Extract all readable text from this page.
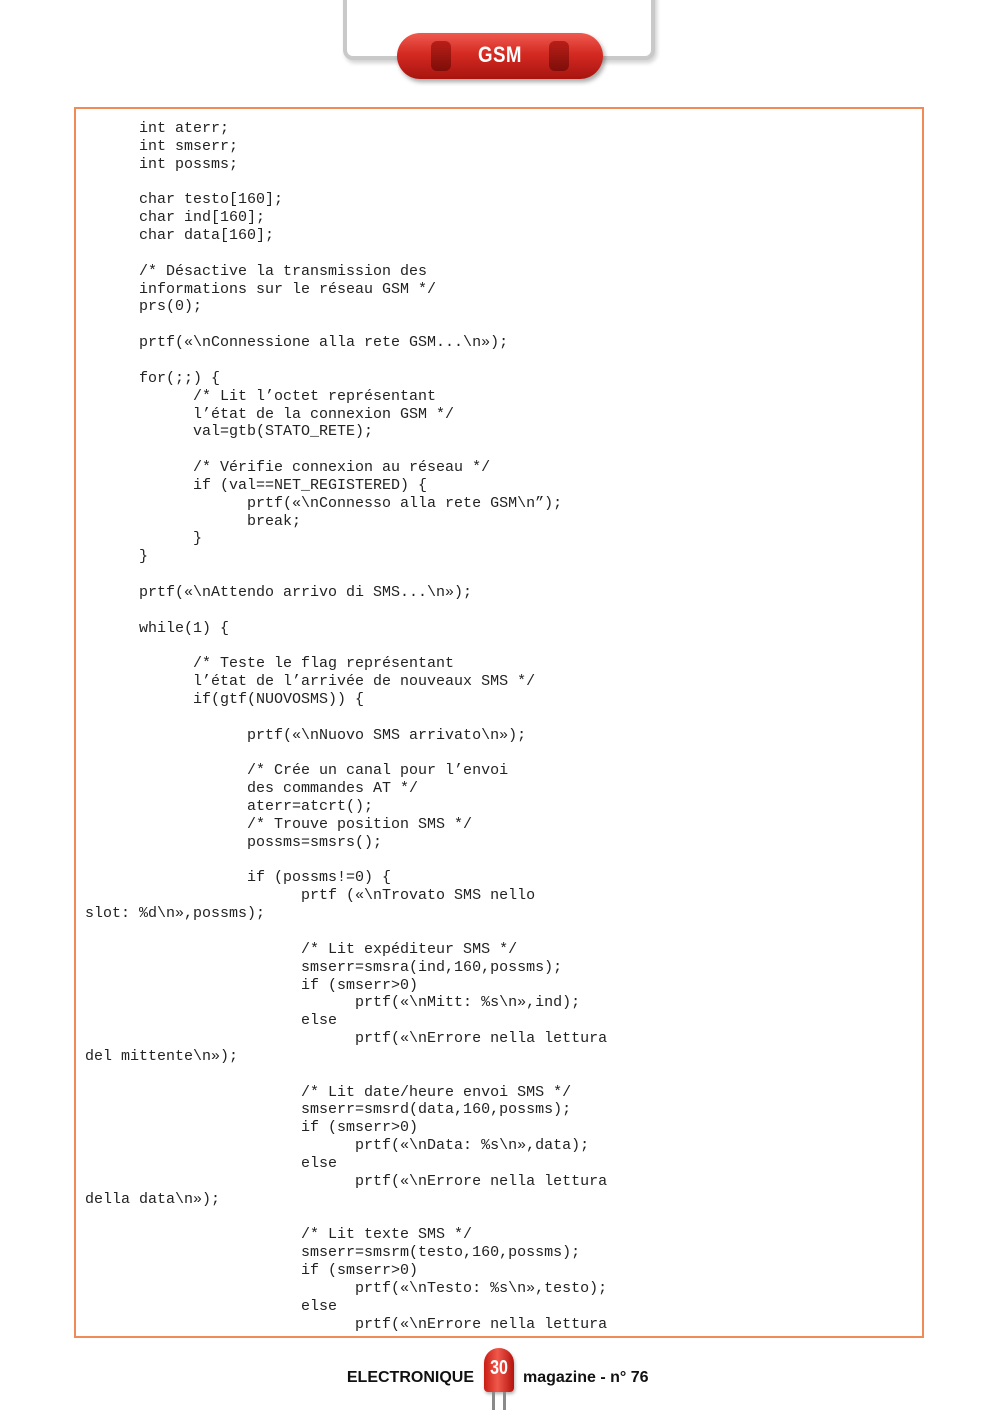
GSM
int aterr;
int smserr;
int possms;
char testo[160];
char ind[160];
char data[160];
/* Désactive la transmission des
informations sur le réseau GSM */
prs(0);
prtf(«\nConnessione alla rete GSM...\n»);
for(;;) {
/* Lit l’octet représentant
l’état de la connexion GSM */
val=gtb(STATO_RETE);
/* Vérifie connexion au réseau */
if (val==NET_REGISTERED) {
prtf(«\nConnesso alla rete GSM\n”);
break;
}
}
prtf(«\nAttendo arrivo di SMS...\n»);
while(1) {
/* Teste le flag représentant
l’état de l’arrivée de nouveaux SMS */
if(gtf(NUOVOSMS)) {
prtf(«\nNuovo SMS arrivato\n»);
/* Crée un canal pour l’envoi
des commandes AT */
aterr=atcrt();
/* Trouve position SMS */
possms=smsrs();
if (possms!=0) {
prtf («\nTrovato SMS nello
slot: %d\n»,possms);
/* Lit expéditeur SMS */
smserr=smsra(ind,160,possms);
if (smserr>0)
prtf(«\nMitt: %s\n»,ind);
else
prtf(«\nErrore nella lettura
del mittente\n»);
/* Lit date/heure envoi SMS */
smserr=smsrd(data,160,possms);
if (smserr>0)
prtf(«\nData: %s\n»,data);
else
prtf(«\nErrore nella lettura
della data\n»);
/* Lit texte SMS */
smserr=smsrm(testo,160,possms);
if (smserr>0)
prtf(«\nTesto: %s\n»,testo);
else
prtf(«\nErrore nella lettura
ELECTRONIQUE 30 magazine - n° 76
